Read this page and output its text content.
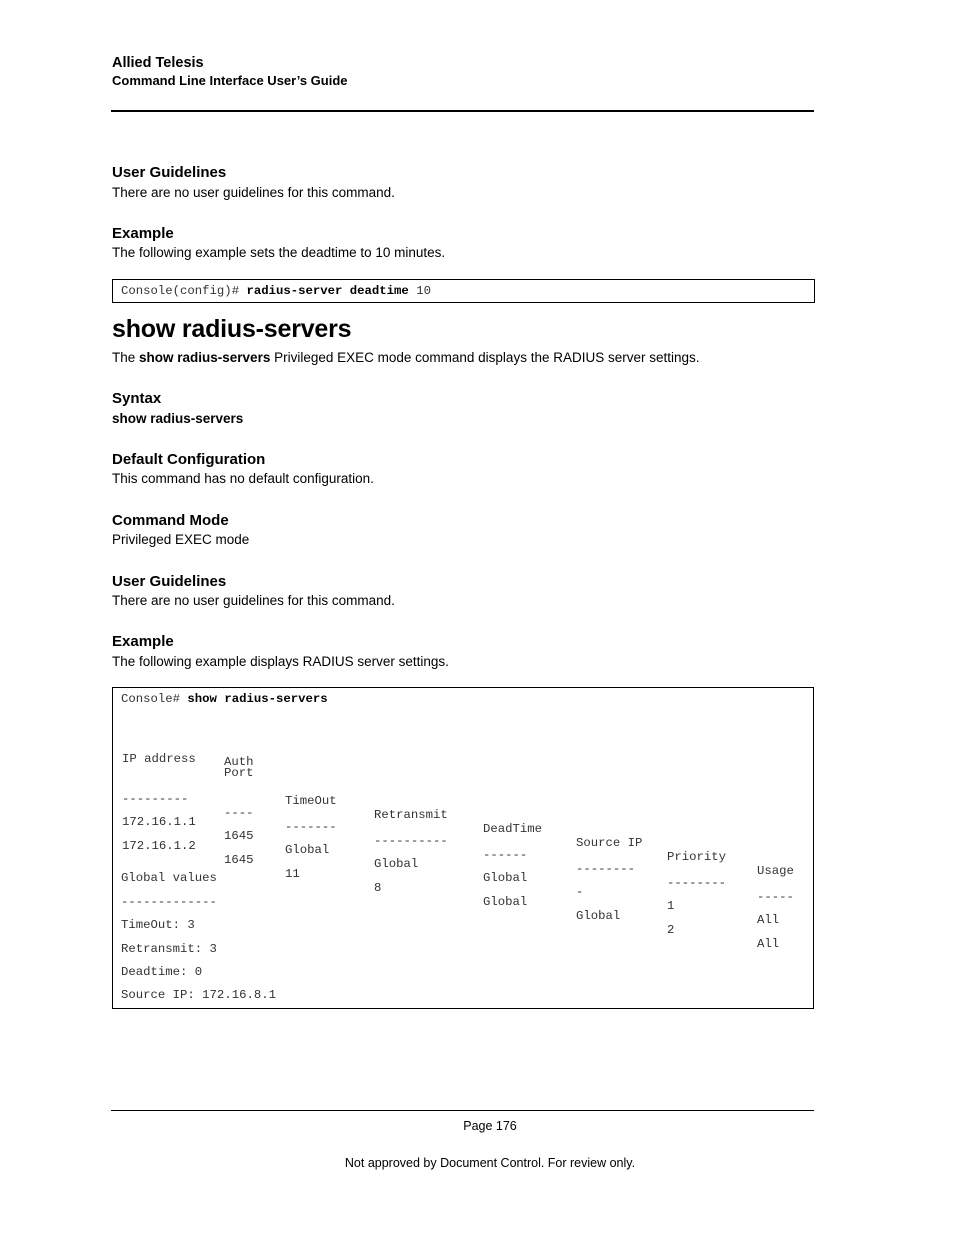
Allied Telesis
Command Line Interface User’s Guide
User Guidelines
There are no user guidelines for this command.
Example
The following example sets the deadtime to 10 minutes.

Console(config)# radius-server deadtime 10

show radius-servers
The show radius-servers Privileged EXEC mode command displays the RADIUS server settings.
Syntax
show radius-servers
Default Configuration
This command has no default configuration.
Command Mode
Privileged EXEC mode
User Guidelines
There are no user guidelines for this command.
Example
The following example displays RADIUS server settings.

Console# show radius-servers

IP address

Port

Auth

TimeOut

Retransmit

DeadTime

Source IP

Priority

Usage

---------

----

-------

----------

------

--------

--------

-----

172.16.1.1

1645

Global

Global

Global

-

1

All

172.16.1.2

1645

11

8

Global

Global

2

All

Global values

-------------

TimeOut: 3

Retransmit: 3

Deadtime: 0

Source IP: 172.16.8.1

Page 176
Not approved by Document Control. For review only.
